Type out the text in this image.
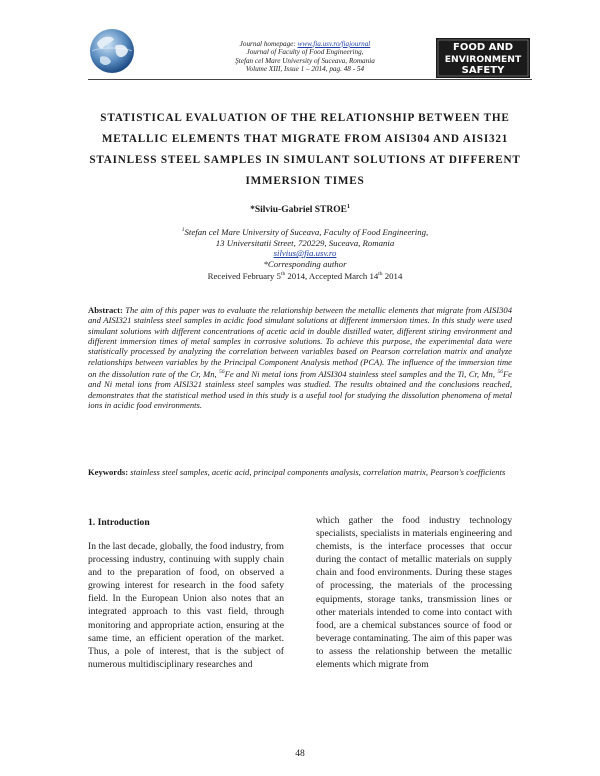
Journal homepage: www.fia.usv.ro/fiajournal
Journal of Faculty of Food Engineering,
Ştefan cel Mare University of Suceava, Romania
Volume XIII, Issue 1 – 2014, pag. 48 - 54
FOOD AND
ENVIRONMENT
SAFETY
STATISTICAL EVALUATION OF THE RELATIONSHIP BETWEEN THE METALLIC ELEMENTS THAT MIGRATE FROM AISI304 AND AISI321 STAINLESS STEEL SAMPLES IN SIMULANT SOLUTIONS AT DIFFERENT IMMERSION TIMES
*Silviu-Gabriel STROE$^1$
$^1$Stefan cel Mare University of Suceava, Faculty of Food Engineering,
13 Universitatii Street, 720229, Suceava, Romania
silvius@fia.usv.ro
*Corresponding author
Received February 5th 2014, Accepted March 14th 2014
Abstract: The aim of this paper was to evaluate the relationship between the metallic elements that migrate from AISI304 and AISI321 stainless steel samples in acidic food simulant solutions at different immersion times. In this study were used simulant solutions with different concentrations of acetic acid in double distilled water, different stiring environment and different immersion times of metal samples in corrosive solutions. To achieve this purpose, the experimental data were statistically processed by analyzing the correlation between variables based on Pearson correlation matrix and analyze relationships between variables by the Principal Component Analysis method (PCA). The influence of the immersion time on the dissolution rate of the Cr, Mn, $^{56}$Fe and Ni metal ions from AISI304 stainless steel samples and the Ti, Cr, Mn, $^{56}$Fe and Ni metal ions from AISI321 stainless steel samples was studied. The results obtained and the conclusions reached, demonstrates that the statistical method used in this study is a useful tool for studying the dissolution phenomena of metal ions in acidic food environments.
Keywords: stainless steel samples, acetic acid, principal components analysis, correlation matrix, Pearson's coefficients
1. Introduction
In the last decade, globally, the food industry, from processing industry, continuing with supply chain and to the preparation of food, on observed a growing interest for research in the food safety field. In the European Union also notes that an integrated approach to this vast field, through monitoring and appropriate action, ensuring at the same time, an efficient operation of the market. Thus, a pole of interest, that is the subject of numerous multidisciplinary researches and
which gather the food industry technology specialists, specialists in materials engineering and chemists, is the interface processes that occur during the contact of metallic materials on supply chain and food environments. During these stages of processing, the materials of the processing equipments, storage tanks, transmission lines or other materials intended to come into contact with food, are a chemical substances source of food or beverage contaminating. The aim of this paper was to assess the relationship between the metallic elements which migrate from
48
